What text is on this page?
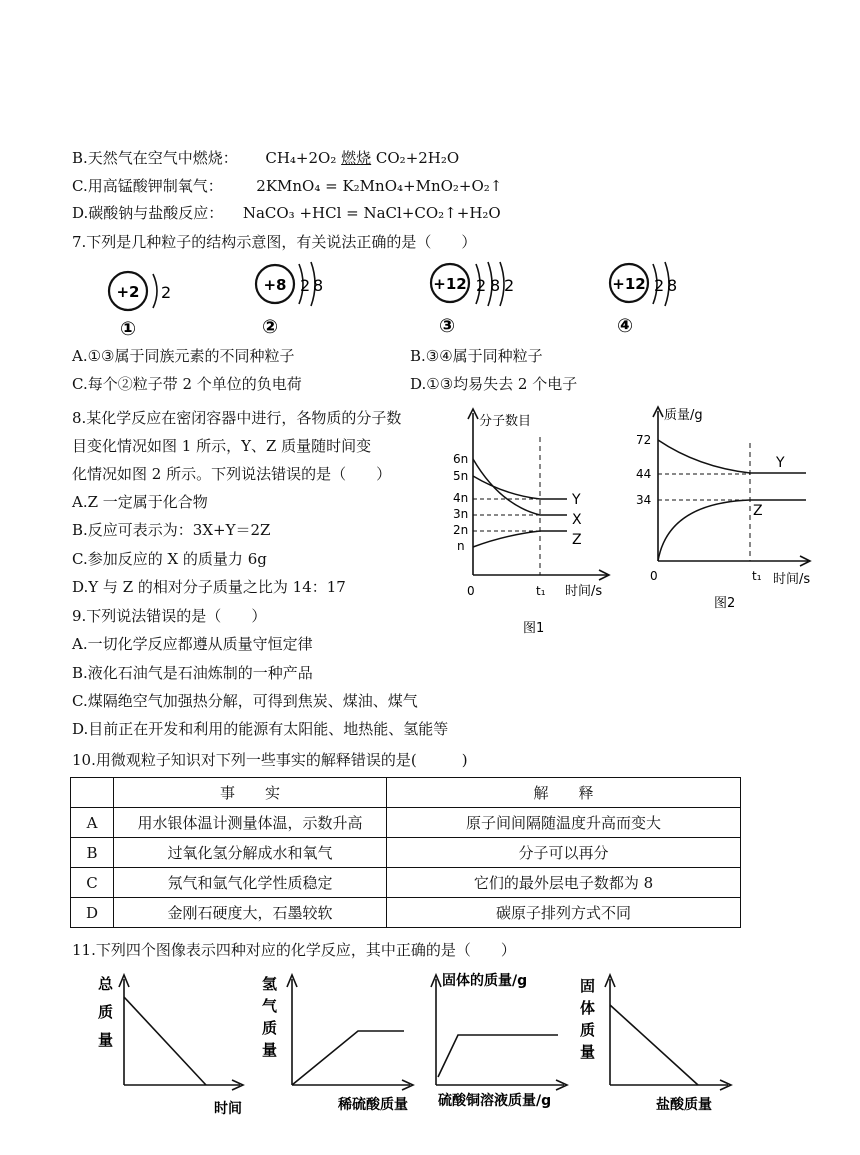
B.天然气在空气中燃烧： CH₄+2O₂ 燃烧 CO₂+2H₂O
C.用高锰酸钾制氧气： 2KMnO₄ = K₂MnO₄+MnO₂+O₂↑
D.碳酸钠与盐酸反应： NaCO₃ +HCl = NaCl+CO₂↑+H₂O
7.下列是几种粒子的结构示意图，有关说法正确的是（　　）
+2 2
①
+8 2 8
②
+12 2 8 2
③
+12 2 8
④
A.①③属于同族元素的不同种粒子	B.③④属于同种粒子
C.每个②粒子带 2 个单位的负电荷	D.①③均易失去 2 个电子
8.某化学反应在密闭容器中进行，各物质的分子数
目变化情况如图 1 所示，Y、Z 质量随时间变
化情况如图 2 所示。下列说法错误的是（　　）
A.Z 一定属于化合物
B.反应可表示为：3X+Y＝2Z
C.参加反应的 X 的质量力 6g
D.Y 与 Z 的相对分子质量之比为 14：17
分子数目
6n
5n
4n
3n
2n
n
Y
X
Z
0	t₁ 时间/s
图1
质量/g
72
44
34
Y
Z
0	t₁ 时间/s
图2
9.下列说法错误的是（　　）
A.一切化学反应都遵从质量守恒定律
B.液化石油气是石油炼制的一种产品
C.煤隔绝空气加强热分解，可得到焦炭、煤油、煤气
D.目前正在开发和利用的能源有太阳能、地热能、氢能等
10.用微观粒子知识对下列一些事实的解释错误的是(　　　)
	事　　实	解　　释
A	用水银体温计测量体温，示数升高	原子间间隔随温度升高而变大
B	过氧化氢分解成水和氧气	分子可以再分
C	氖气和氩气化学性质稳定	它们的最外层电子数都为 8
D	金刚石硬度大，石墨较软	碳原子排列方式不同
11.下列四个图像表示四种对应的化学反应，其中正确的是（　　）
总
质
量
时间
氢
气
质
量
稀硫酸质量
固体的质量/g
硫酸铜溶液质量/g
固
体
质
量
盐酸质量
